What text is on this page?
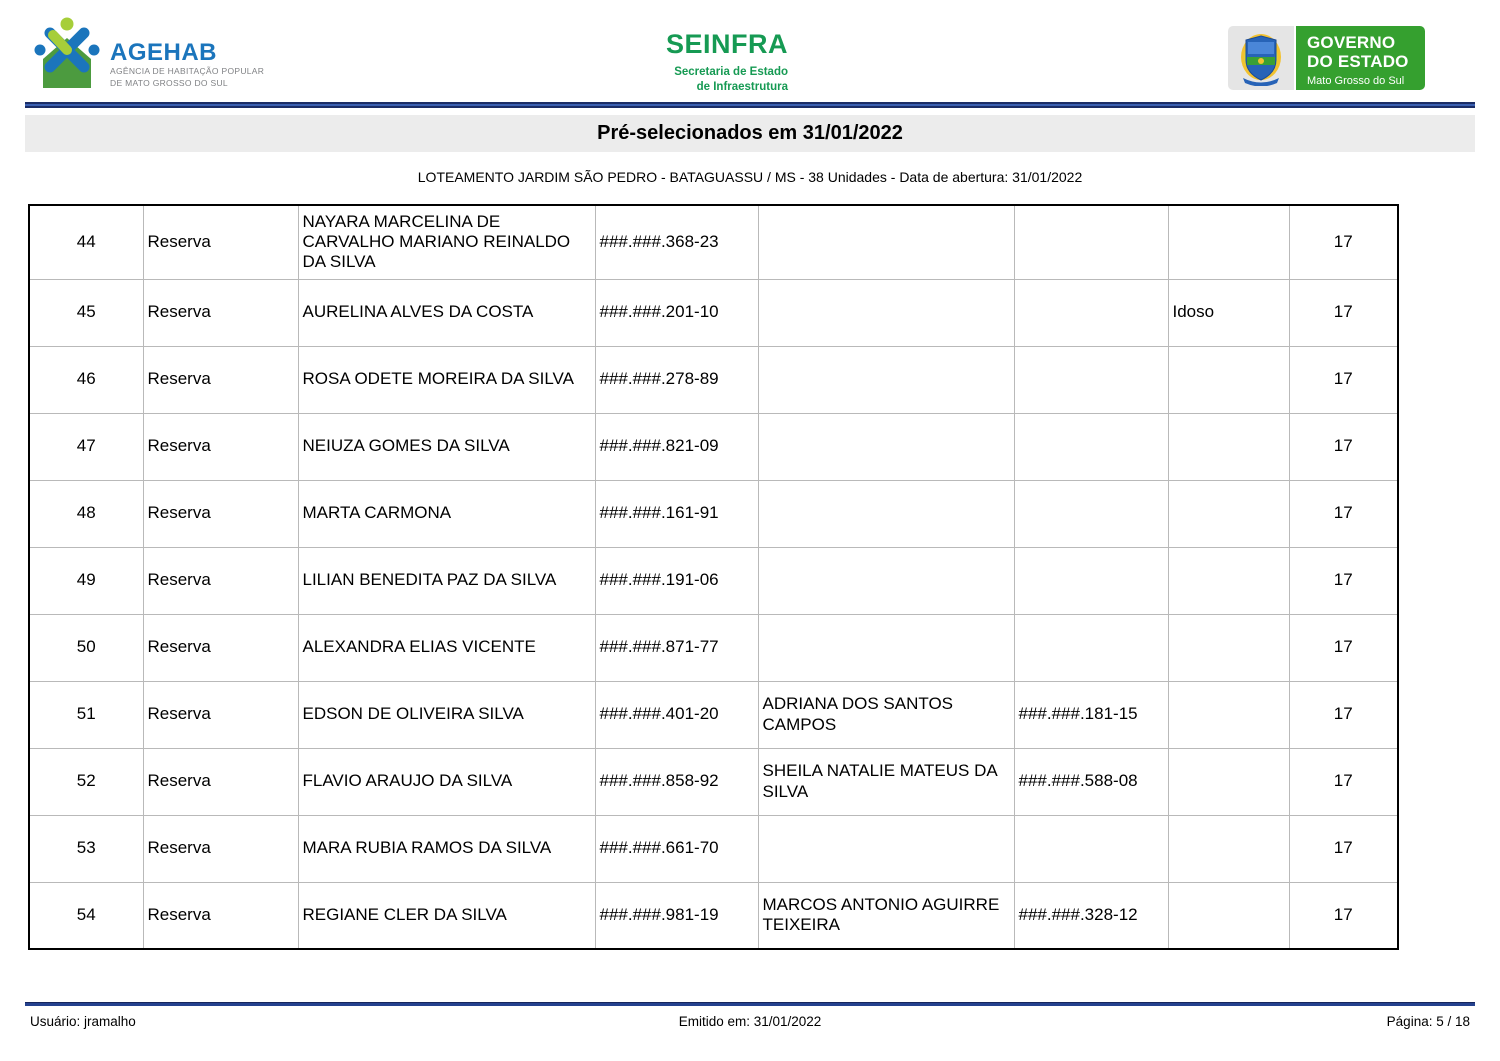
AGEHAB
AGÊNCIA DE HABITAÇÃO POPULAR
DE MATO GROSSO DO SUL
SEINFRA
Secretaria de Estado
de Infraestrutura
GOVERNO
DO ESTADO
Mato Grosso do Sul
Pré-selecionados em 31/01/2022
LOTEAMENTO JARDIM SÃO PEDRO - BATAGUASSU / MS - 38 Unidades - Data de abertura: 31/01/2022
44	Reserva	NAYARA MARCELINA DE CARVALHO MARIANO REINALDO DA SILVA	###.###.368-23				17
45	Reserva	AURELINA ALVES DA COSTA	###.###.201-10			Idoso	17
46	Reserva	ROSA ODETE MOREIRA DA SILVA	###.###.278-89				17
47	Reserva	NEIUZA GOMES DA SILVA	###.###.821-09				17
48	Reserva	MARTA CARMONA	###.###.161-91				17
49	Reserva	LILIAN BENEDITA PAZ DA SILVA	###.###.191-06				17
50	Reserva	ALEXANDRA ELIAS VICENTE	###.###.871-77				17
51	Reserva	EDSON DE OLIVEIRA SILVA	###.###.401-20	ADRIANA DOS SANTOS CAMPOS	###.###.181-15		17
52	Reserva	FLAVIO ARAUJO DA SILVA	###.###.858-92	SHEILA NATALIE MATEUS DA SILVA	###.###.588-08		17
53	Reserva	MARA RUBIA RAMOS DA SILVA	###.###.661-70				17
54	Reserva	REGIANE CLER DA SILVA	###.###.981-19	MARCOS ANTONIO AGUIRRE TEIXEIRA	###.###.328-12		17
Usuário: jramalho	Emitido em: 31/01/2022	Página: 5 / 18
